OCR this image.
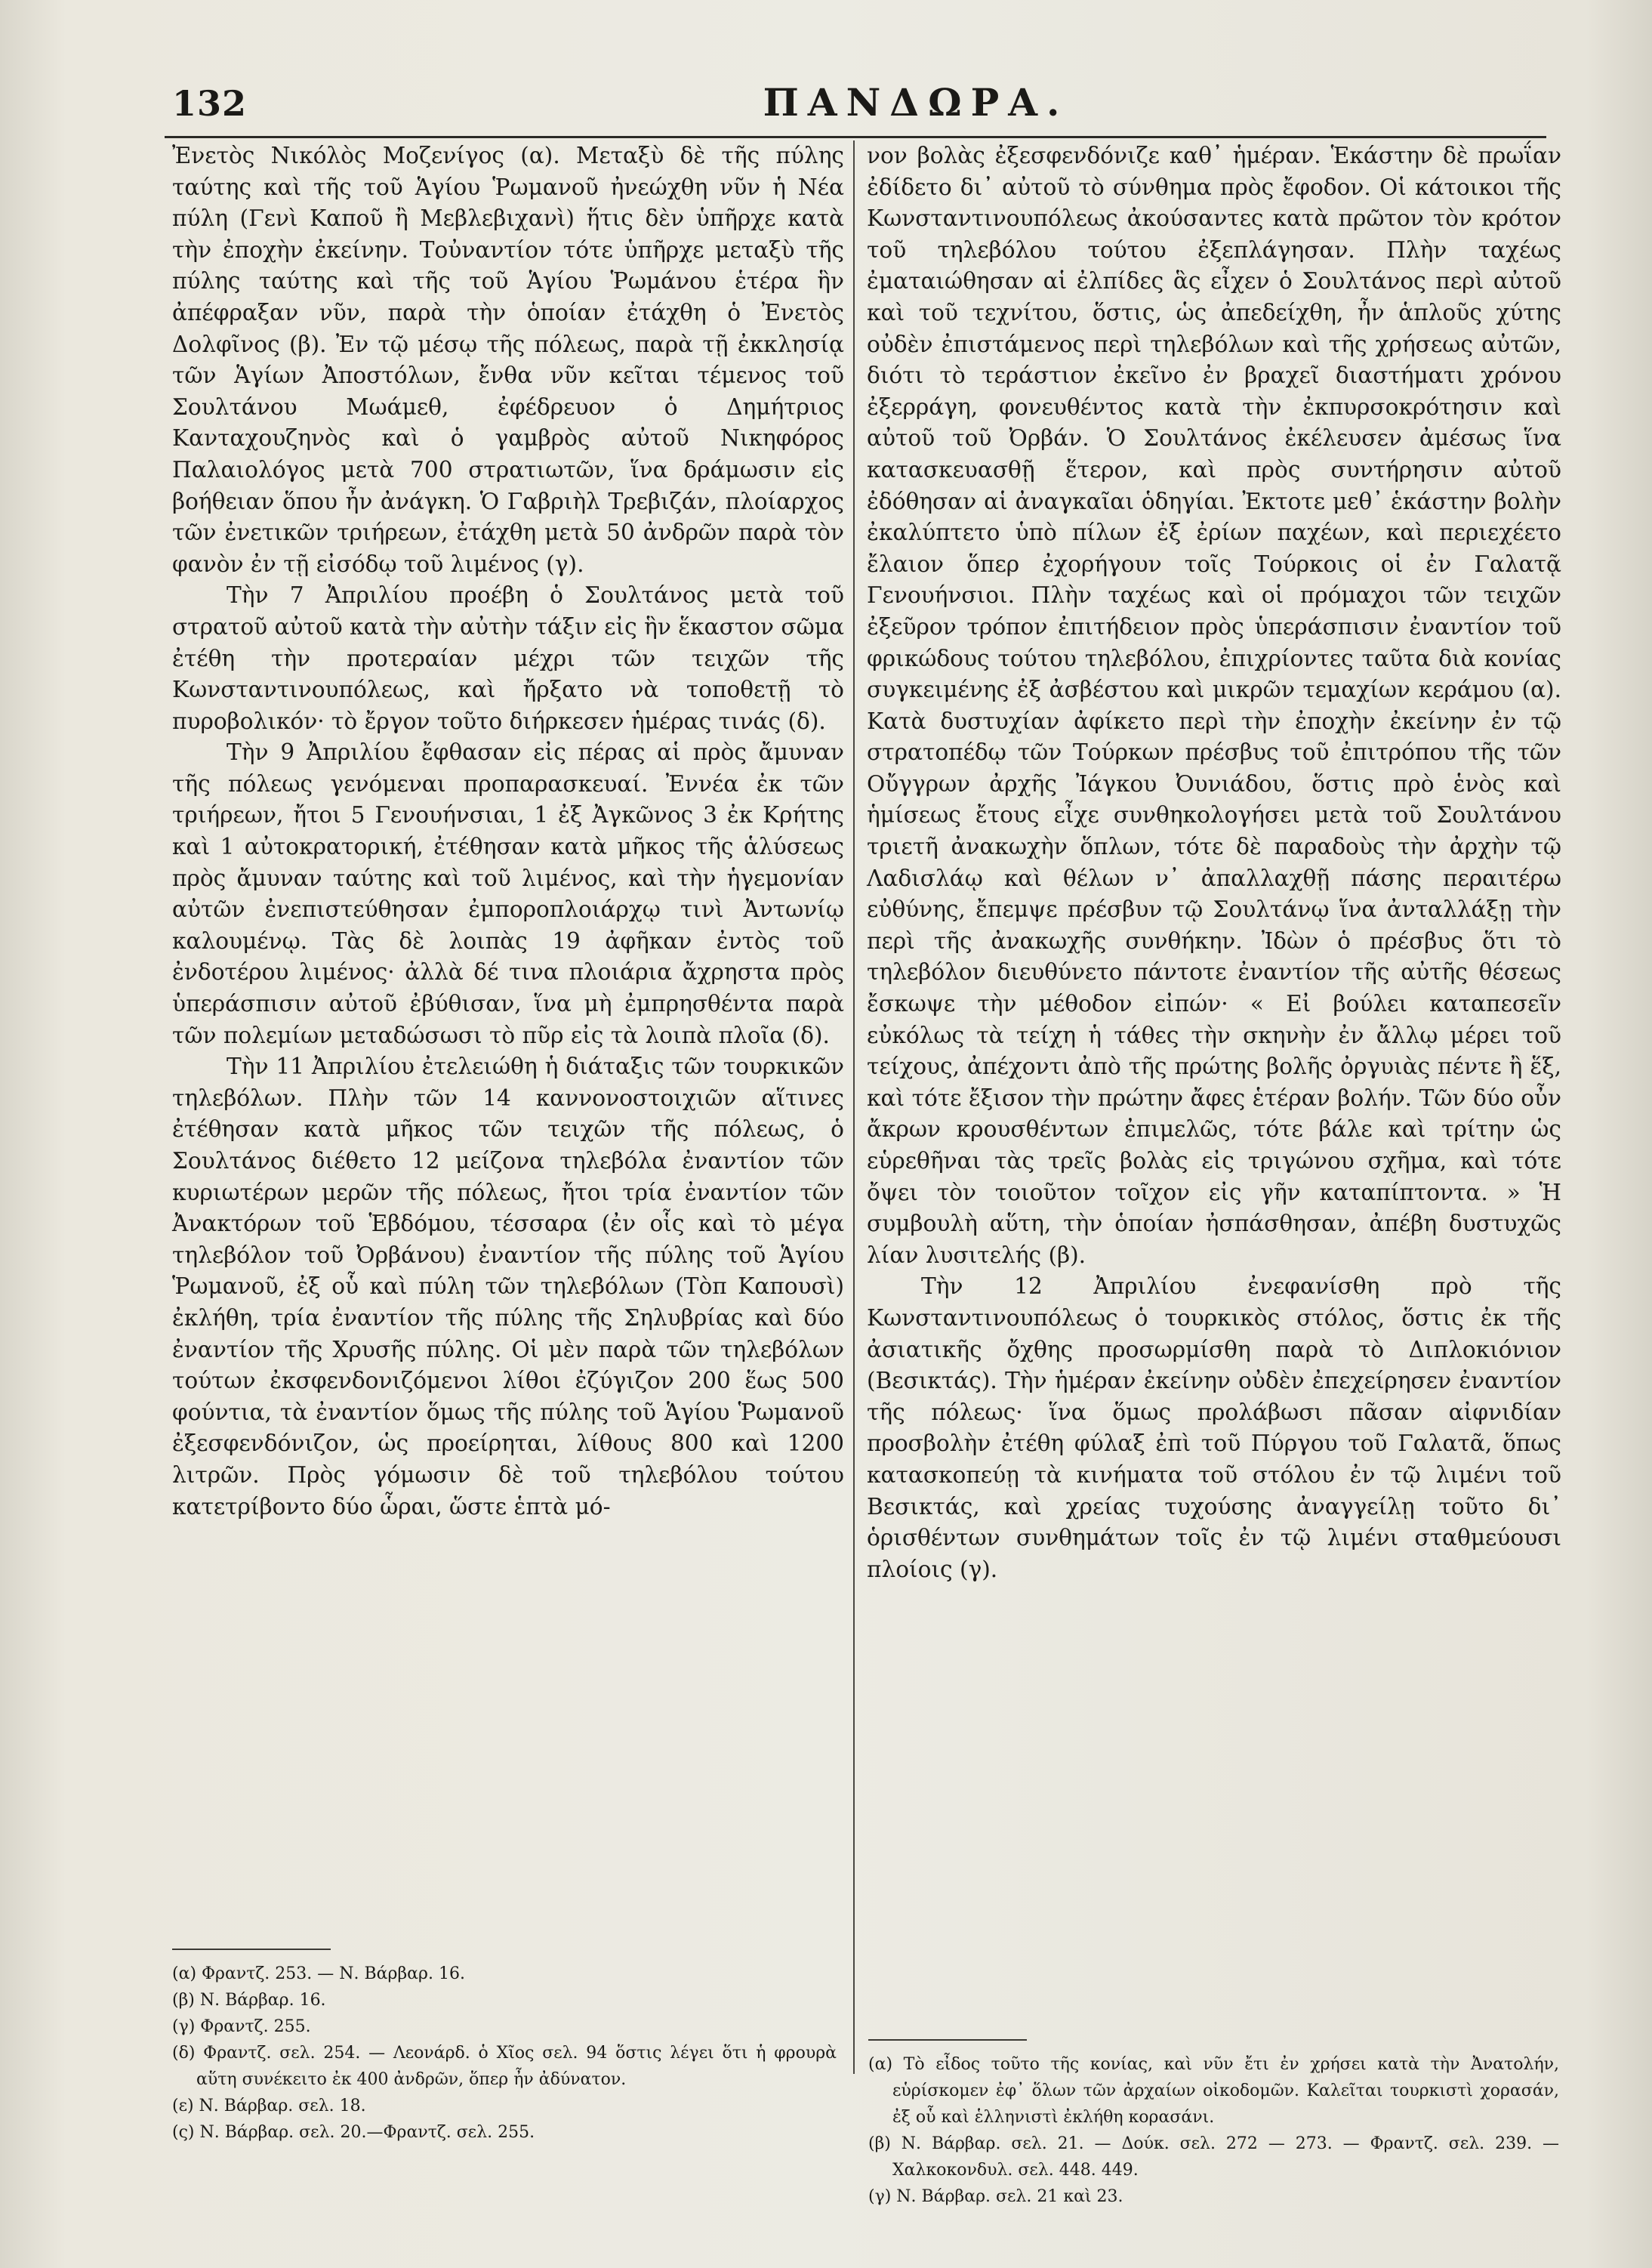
132	ΠΑΝΔΩΡΑ.

Ἐνετὸς Νικόλὸς Μοζενίγος (α). Μεταξὺ δὲ τῆς πύλης ταύτης καὶ τῆς τοῦ Ἁγίου Ῥωμανοῦ ἠνεώχθη νῦν ἡ Νέα πύλη (Γενὶ Καποῦ ἢ Μεβλεβιχανὶ) ἥτις δὲν ὑπῆρχε κατὰ τὴν ἐποχὴν ἐκείνην. Τοὐναντίον τότε ὑπῆρχε μεταξὺ τῆς πύλης ταύτης καὶ τῆς τοῦ Ἁγίου Ῥωμάνου ἑτέρα ἣν ἀπέφραξαν νῦν, παρὰ τὴν ὁποίαν ἐτάχθη ὁ Ἐνετὸς Δολφῖνος (β). Ἐν τῷ μέσῳ τῆς πόλεως, παρὰ τῇ ἐκκλησίᾳ τῶν Ἁγίων Ἀποστόλων, ἔνθα νῦν κεῖται τέμενος τοῦ Σουλτάνου Μωάμεθ, ἐφέδρευον ὁ Δημήτριος Κανταχουζηνὸς καὶ ὁ γαμβρὸς αὐτοῦ Νικηφόρος Παλαιολόγος μετὰ 700 στρατιωτῶν, ἵνα δράμωσιν εἰς βοήθειαν ὅπου ἦν ἀνάγκη. Ὁ Γαβριὴλ Τρεβιζάν, πλοίαρχος τῶν ἐνετικῶν τριήρεων, ἐτάχθη μετὰ 50 ἀνδρῶν παρὰ τὸν φανὸν ἐν τῇ εἰσόδῳ τοῦ λιμένος (γ).

Τὴν 7 Ἀπριλίου προέβη ὁ Σουλτάνος μετὰ τοῦ στρατοῦ αὐτοῦ κατὰ τὴν αὐτὴν τάξιν εἰς ἣν ἕκαστον σῶμα ἐτέθη τὴν προτεραίαν μέχρι τῶν τειχῶν τῆς Κωνσταντινουπόλεως, καὶ ἤρξατο νὰ τοποθετῇ τὸ πυροβολικόν· τὸ ἔργον τοῦτο διήρκεσεν ἡμέρας τινάς (δ).

Τὴν 9 Ἀπριλίου ἔφθασαν εἰς πέρας αἱ πρὸς ἄμυναν τῆς πόλεως γενόμεναι προπαρασκευαί. Ἐννέα ἐκ τῶν τριήρεων, ἤτοι 5 Γενουήνσιαι, 1 ἐξ Ἀγκῶνος 3 ἐκ Κρήτης καὶ 1 αὐτοκρατορική, ἐτέθησαν κατὰ μῆκος τῆς ἁλύσεως πρὸς ἄμυναν ταύτης καὶ τοῦ λιμένος, καὶ τὴν ἡγεμονίαν αὐτῶν ἐνεπιστεύθησαν ἐμποροπλοιάρχῳ τινὶ Ἀντωνίῳ καλουμένῳ. Τὰς δὲ λοιπὰς 19 ἀφῆκαν ἐντὸς τοῦ ἐνδοτέρου λιμένος· ἀλλὰ δέ τινα πλοιάρια ἄχρηστα πρὸς ὑπεράσπισιν αὐτοῦ ἐβύθισαν, ἵνα μὴ ἐμπρησθέντα παρὰ τῶν πολεμίων μεταδώσωσι τὸ πῦρ εἰς τὰ λοιπὰ πλοῖα (δ).

Τὴν 11 Ἀπριλίου ἐτελειώθη ἡ διάταξις τῶν τουρκικῶν τηλεβόλων. Πλὴν τῶν 14 καννονοστοιχιῶν αἵτινες ἐτέθησαν κατὰ μῆκος τῶν τειχῶν τῆς πόλεως, ὁ Σουλτάνος διέθετο 12 μείζονα τηλεβόλα ἐναντίον τῶν κυριωτέρων μερῶν τῆς πόλεως, ἤτοι τρία ἐναντίον τῶν Ἀνακτόρων τοῦ Ἑβδόμου, τέσσαρα (ἐν οἷς καὶ τὸ μέγα τηλεβόλον τοῦ Ὀρβάνου) ἐναντίον τῆς πύλης τοῦ Ἁγίου Ῥωμανοῦ, ἐξ οὗ καὶ πύλη τῶν τηλεβόλων (Τὸπ Καπουσὶ) ἐκλήθη, τρία ἐναντίον τῆς πύλης τῆς Σηλυβρίας καὶ δύο ἐναντίον τῆς Χρυσῆς πύλης. Οἱ μὲν παρὰ τῶν τηλεβόλων τούτων ἐκσφενδονιζόμενοι λίθοι ἐζύγιζον 200 ἕως 500 φούντια, τὰ ἐναντίον ὅμως τῆς πύλης τοῦ Ἁγίου Ῥωμανοῦ ἐξεσφενδόνιζον, ὡς προείρηται, λίθους 800 καὶ 1200 λιτρῶν. Πρὸς γόμωσιν δὲ τοῦ τηλεβόλου τούτου κατετρίβοντο δύο ὧραι, ὥστε ἑπτὰ μό-

νον βολὰς ἐξεσφενδόνιζε καθ᾽ ἡμέραν. Ἑκάστην δὲ πρωΐαν ἐδίδετο δι᾽ αὐτοῦ τὸ σύνθημα πρὸς ἔφοδον. Οἱ κάτοικοι τῆς Κωνσταντινουπόλεως ἀκούσαντες κατὰ πρῶτον τὸν κρότον τοῦ τηλεβόλου τούτου ἐξεπλάγησαν. Πλὴν ταχέως ἐματαιώθησαν αἱ ἐλπίδες ἃς εἶχεν ὁ Σουλτάνος περὶ αὐτοῦ καὶ τοῦ τεχνίτου, ὅστις, ὡς ἀπεδείχθη, ἦν ἁπλοῦς χύτης οὐδὲν ἐπιστάμενος περὶ τηλεβόλων καὶ τῆς χρήσεως αὐτῶν, διότι τὸ τεράστιον ἐκεῖνο ἐν βραχεῖ διαστήματι χρόνου ἐξερράγη, φονευθέντος κατὰ τὴν ἐκπυρσοκρότησιν καὶ αὐτοῦ τοῦ Ὀρβάν. Ὁ Σουλτάνος ἐκέλευσεν ἀμέσως ἵνα κατασκευασθῇ ἕτερον, καὶ πρὸς συντήρησιν αὐτοῦ ἐδόθησαν αἱ ἀναγκαῖαι ὁδηγίαι. Ἐκτοτε μεθ᾽ ἑκάστην βολὴν ἐκαλύπτετο ὑπὸ πίλων ἐξ ἐρίων παχέων, καὶ περιεχέετο ἔλαιον ὅπερ ἐχορήγουν τοῖς Τούρκοις οἱ ἐν Γαλατᾷ Γενουήνσιοι. Πλὴν ταχέως καὶ οἱ πρόμαχοι τῶν τειχῶν ἐξεῦρον τρόπον ἐπιτήδειον πρὸς ὑπεράσπισιν ἐναντίον τοῦ φρικώδους τούτου τηλεβόλου, ἐπιχρίοντες ταῦτα διὰ κονίας συγκειμένης ἐξ ἀσβέστου καὶ μικρῶν τεμαχίων κεράμου (α). Κατὰ δυστυχίαν ἀφίκετο περὶ τὴν ἐποχὴν ἐκείνην ἐν τῷ στρατοπέδῳ τῶν Τούρκων πρέσβυς τοῦ ἐπιτρόπου τῆς τῶν Οὔγγρων ἀρχῆς Ἰάγκου Ὀυνιάδου, ὅστις πρὸ ἑνὸς καὶ ἡμίσεως ἔτους εἶχε συνθηκολογήσει μετὰ τοῦ Σουλτάνου τριετῆ ἀνακωχὴν ὅπλων, τότε δὲ παραδοὺς τὴν ἀρχὴν τῷ Λαδισλάῳ καὶ θέλων ν᾽ ἀπαλλαχθῇ πάσης περαιτέρω εὐθύνης, ἔπεμψε πρέσβυν τῷ Σουλτάνῳ ἵνα ἀνταλλάξῃ τὴν περὶ τῆς ἀνακωχῆς συνθήκην. Ἰδὼν ὁ πρέσβυς ὅτι τὸ τηλεβόλον διευθύνετο πάντοτε ἐναντίον τῆς αὐτῆς θέσεως ἔσκωψε τὴν μέθοδον εἰπών· « Εἰ βούλει καταπεσεῖν εὐκόλως τὰ τείχη ἡ τάθες τὴν σκηνὴν ἐν ἄλλῳ μέρει τοῦ τείχους, ἀπέχοντι ἀπὸ τῆς πρώτης βολῆς ὀργυιὰς πέντε ἢ ἕξ, καὶ τότε ἔξισον τὴν πρώτην ἄφες ἑτέραν βολήν. Τῶν δύο οὖν ἄκρων κρουσθέντων ἐπιμελῶς, τότε βάλε καὶ τρίτην ὡς εὑρεθῆναι τὰς τρεῖς βολὰς εἰς τριγώνου σχῆμα, καὶ τότε ὄψει τὸν τοιοῦτον τοῖχον εἰς γῆν καταπίπτοντα. » Ἡ συμβουλὴ αὕτη, τὴν ὁποίαν ἠσπάσθησαν, ἀπέβη δυστυχῶς λίαν λυσιτελής (β).

Τὴν 12 Ἀπριλίου ἐνεφανίσθη πρὸ τῆς Κωνσταντινουπόλεως ὁ τουρκικὸς στόλος, ὅστις ἐκ τῆς ἀσιατικῆς ὄχθης προσωρμίσθη παρὰ τὸ Διπλοκιόνιον (Βεσικτάς). Τὴν ἡμέραν ἐκείνην οὐδὲν ἐπεχείρησεν ἐναντίον τῆς πόλεως· ἵνα ὅμως προλάβωσι πᾶσαν αἰφνιδίαν προσβολὴν ἐτέθη φύλαξ ἐπὶ τοῦ Πύργου τοῦ Γαλατᾶ, ὅπως κατασκοπεύῃ τὰ κινήματα τοῦ στόλου ἐν τῷ λιμένι τοῦ Βεσικτάς, καὶ χρείας τυχούσης ἀναγγείλῃ τοῦτο δι᾽ ὁρισθέντων συνθημάτων τοῖς ἐν τῷ λιμένι σταθμεύουσι πλοίοις (γ).

(α) Φραντζ. 253. — Ν. Βάρβαρ. 16.

(β) Ν. Βάρβαρ. 16.

(γ) Φραντζ. 255.

(δ) Φραντζ. σελ. 254. — Λεονάρδ. ὁ Χῖος σελ. 94 ὅστις λέγει ὅτι ἡ φρουρὰ αὕτη συνέκειτο ἐκ 400 ἀνδρῶν, ὅπερ ἦν ἀδύνατον.

(ε) Ν. Βάρβαρ. σελ. 18.

(ς) Ν. Βάρβαρ. σελ. 20.—Φραντζ. σελ. 255.

(α) Τὸ εἶδος τοῦτο τῆς κονίας, καὶ νῦν ἔτι ἐν χρήσει κατὰ τὴν Ἀνατολήν, εὑρίσκομεν ἐφ᾽ ὅλων τῶν ἀρχαίων οἰκοδομῶν. Καλεῖται τουρκιστὶ χορασάν, ἐξ οὗ καὶ ἑλληνιστὶ ἐκλήθη κορασάνι.

(β) Ν. Βάρβαρ. σελ. 21. — Δούκ. σελ. 272 — 273. — Φραντζ. σελ. 239. — Χαλκοκονδυλ. σελ. 448. 449.

(γ) Ν. Βάρβαρ. σελ. 21 καὶ 23.
